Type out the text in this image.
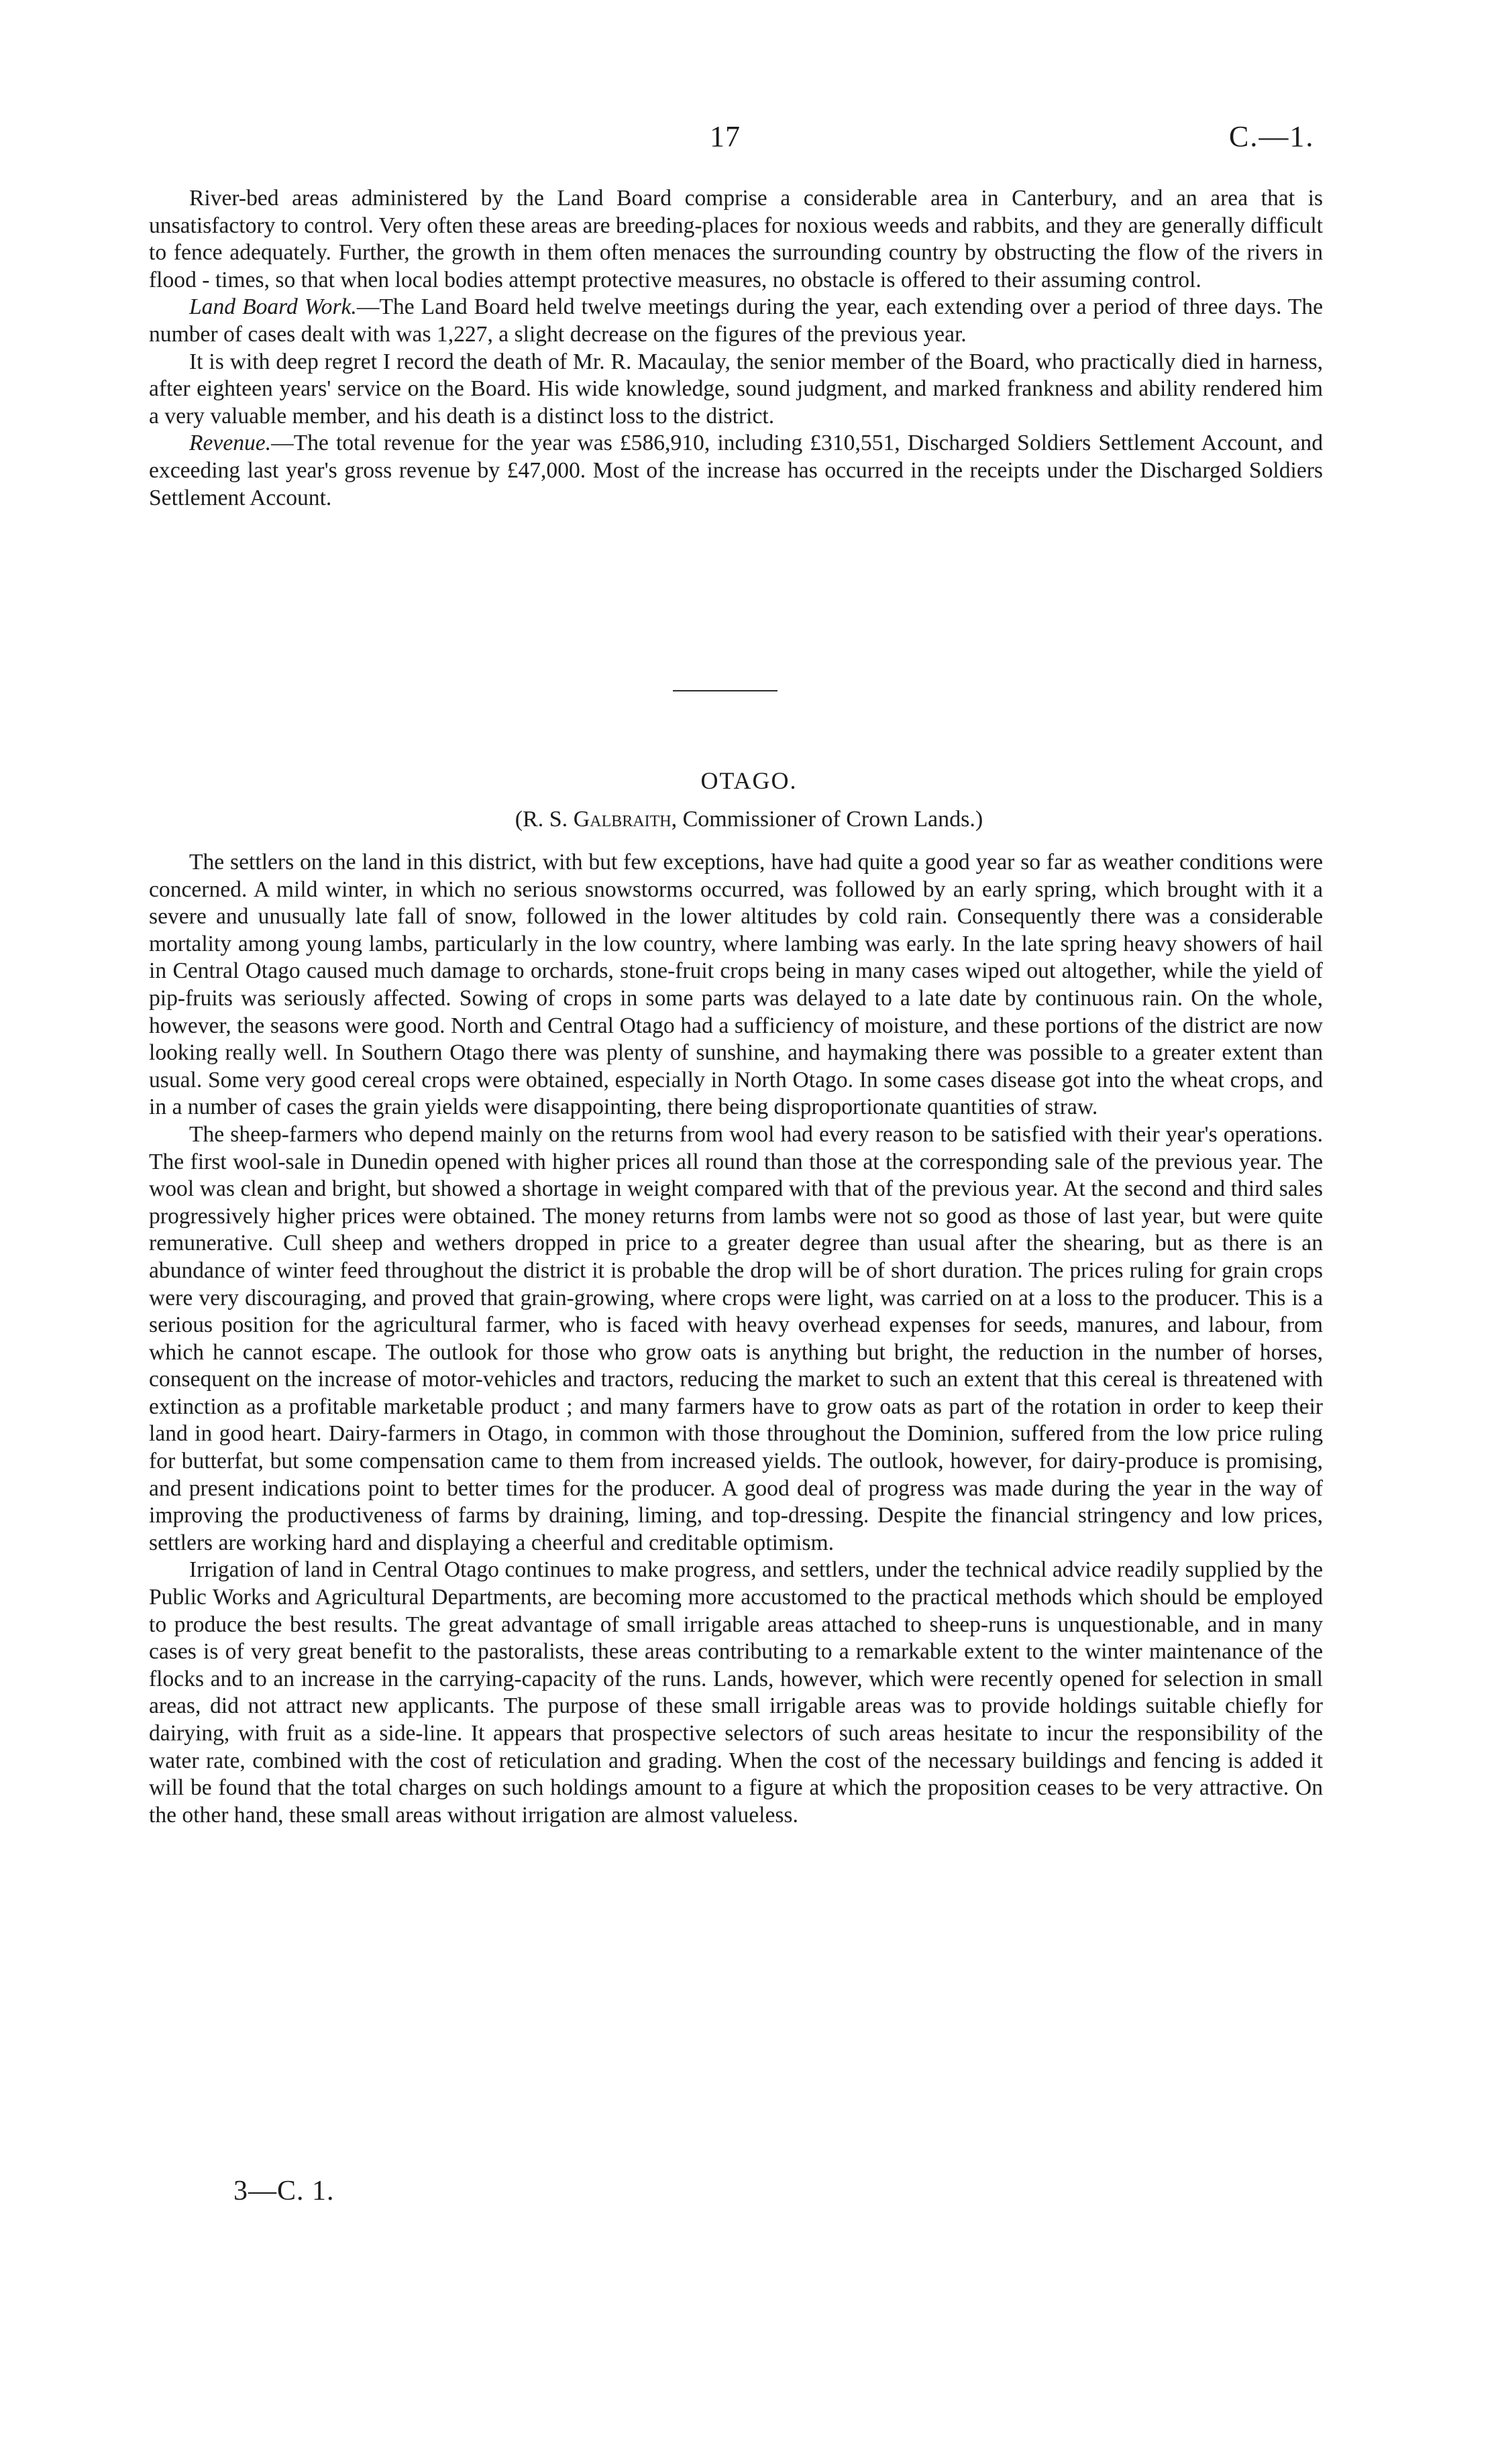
17	C.—1.

River-bed areas administered by the Land Board comprise a considerable area in Canterbury, and an area that is unsatisfactory to control. Very often these areas are breeding-places for noxious weeds and rabbits, and they are generally difficult to fence adequately. Further, the growth in them often menaces the surrounding country by obstructing the flow of the rivers in flood - times, so that when local bodies attempt protective measures, no obstacle is offered to their assuming control.

Land Board Work.—The Land Board held twelve meetings during the year, each extending over a period of three days. The number of cases dealt with was 1,227, a slight decrease on the figures of the previous year.

It is with deep regret I record the death of Mr. R. Macaulay, the senior member of the Board, who practically died in harness, after eighteen years' service on the Board. His wide knowledge, sound judgment, and marked frankness and ability rendered him a very valuable member, and his death is a distinct loss to the district.

Revenue.—The total revenue for the year was £586,910, including £310,551, Discharged Soldiers Settlement Account, and exceeding last year's gross revenue by £47,000. Most of the increase has occurred in the receipts under the Discharged Soldiers Settlement Account.

OTAGO.
(R. S. Galbraith, Commissioner of Crown Lands.)

The settlers on the land in this district, with but few exceptions, have had quite a good year so far as weather conditions were concerned. A mild winter, in which no serious snowstorms occurred, was followed by an early spring, which brought with it a severe and unusually late fall of snow, followed in the lower altitudes by cold rain. Consequently there was a considerable mortality among young lambs, particularly in the low country, where lambing was early. In the late spring heavy showers of hail in Central Otago caused much damage to orchards, stone-fruit crops being in many cases wiped out altogether, while the yield of pip-fruits was seriously affected. Sowing of crops in some parts was delayed to a late date by continuous rain. On the whole, however, the seasons were good. North and Central Otago had a sufficiency of moisture, and these portions of the district are now looking really well. In Southern Otago there was plenty of sunshine, and haymaking there was possible to a greater extent than usual. Some very good cereal crops were obtained, especially in North Otago. In some cases disease got into the wheat crops, and in a number of cases the grain yields were disappointing, there being disproportionate quantities of straw.

The sheep-farmers who depend mainly on the returns from wool had every reason to be satisfied with their year's operations. The first wool-sale in Dunedin opened with higher prices all round than those at the corresponding sale of the previous year. The wool was clean and bright, but showed a shortage in weight compared with that of the previous year. At the second and third sales progressively higher prices were obtained. The money returns from lambs were not so good as those of last year, but were quite remunerative. Cull sheep and wethers dropped in price to a greater degree than usual after the shearing, but as there is an abundance of winter feed throughout the district it is probable the drop will be of short duration. The prices ruling for grain crops were very discouraging, and proved that grain-growing, where crops were light, was carried on at a loss to the producer. This is a serious position for the agricultural farmer, who is faced with heavy overhead expenses for seeds, manures, and labour, from which he cannot escape. The outlook for those who grow oats is anything but bright, the reduction in the number of horses, consequent on the increase of motor-vehicles and tractors, reducing the market to such an extent that this cereal is threatened with extinction as a profitable marketable product ; and many farmers have to grow oats as part of the rotation in order to keep their land in good heart. Dairy-farmers in Otago, in common with those throughout the Dominion, suffered from the low price ruling for butterfat, but some compensation came to them from increased yields. The outlook, however, for dairy-produce is promising, and present indications point to better times for the producer. A good deal of progress was made during the year in the way of improving the productiveness of farms by draining, liming, and top-dressing. Despite the financial stringency and low prices, settlers are working hard and displaying a cheerful and creditable optimism.

Irrigation of land in Central Otago continues to make progress, and settlers, under the technical advice readily supplied by the Public Works and Agricultural Departments, are becoming more accustomed to the practical methods which should be employed to produce the best results. The great advantage of small irrigable areas attached to sheep-runs is unquestionable, and in many cases is of very great benefit to the pastoralists, these areas contributing to a remarkable extent to the winter maintenance of the flocks and to an increase in the carrying-capacity of the runs. Lands, however, which were recently opened for selection in small areas, did not attract new applicants. The purpose of these small irrigable areas was to provide holdings suitable chiefly for dairying, with fruit as a side-line. It appears that prospective selectors of such areas hesitate to incur the responsibility of the water rate, combined with the cost of reticulation and grading. When the cost of the necessary buildings and fencing is added it will be found that the total charges on such holdings amount to a figure at which the proposition ceases to be very attractive. On the other hand, these small areas without irrigation are almost valueless.

3—C. 1.
